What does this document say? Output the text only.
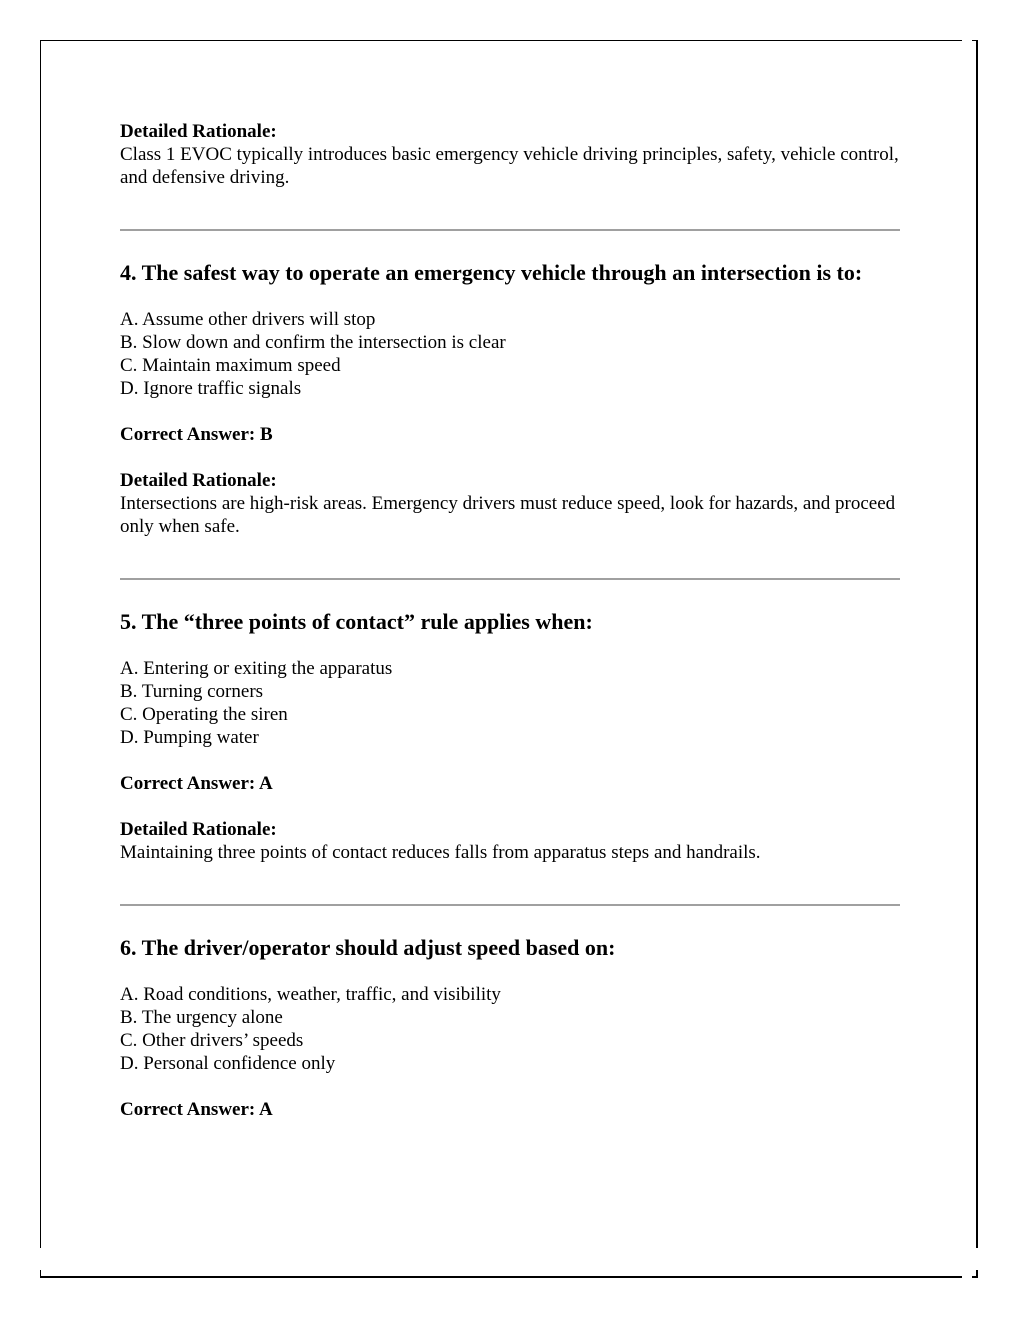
Detailed Rationale:

Class 1 EVOC typically introduces basic emergency vehicle driving principles, safety, vehicle control, and defensive driving.

4. The safest way to operate an emergency vehicle through an intersection is to:

A. Assume other drivers will stop

B. Slow down and confirm the intersection is clear

C. Maintain maximum speed

D. Ignore traffic signals

Correct Answer: B

Detailed Rationale:

Intersections are high-risk areas. Emergency drivers must reduce speed, look for hazards, and proceed only when safe.

5. The “three points of contact” rule applies when:

A. Entering or exiting the apparatus

B. Turning corners

C. Operating the siren

D. Pumping water

Correct Answer: A

Detailed Rationale:

Maintaining three points of contact reduces falls from apparatus steps and handrails.

6. The driver/operator should adjust speed based on:

A. Road conditions, weather, traffic, and visibility

B. The urgency alone

C. Other drivers’ speeds

D. Personal confidence only

Correct Answer: A
